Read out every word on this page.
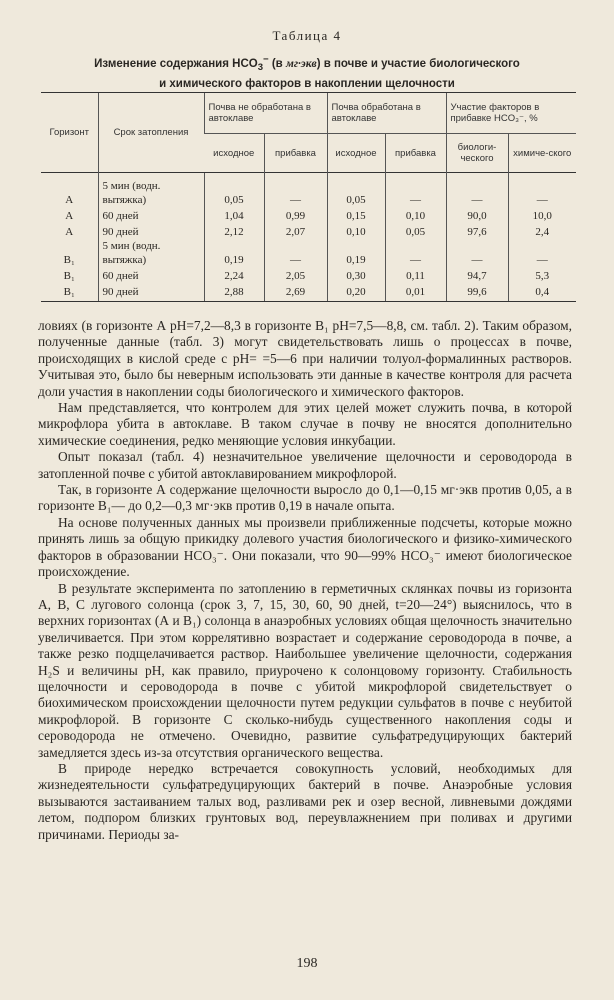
Таблица 4
Изменение содержания $HCO_3^-$ (в мг·экв) в почве и участие биологического
и химического факторов в накоплении щелочности
Горизонт	Срок затопления	Почва не обработана в автоклаве		Почва обработана в автоклаве		Участие факторов в прибавке HCO₃⁻, %	
		исходное	прибавка	исходное	прибавка	биологи-ческого	химиче-ского
A	5 мин (водн. вытяжка)	0,05	—	0,05	—	—	—
A	60 дней	1,04	0,99	0,15	0,10	90,0	10,0
A	90 дней	2,12	2,07	0,10	0,05	97,6	2,4
B₁	5 мин (водн. вытяжка)	0,19	—	0,19	—	—	—
B₁	60 дней	2,24	2,05	0,30	0,11	94,7	5,3
B₁	90 дней	2,88	2,69	0,20	0,01	99,6	0,4

ловиях (в горизонте А pH=7,2—8,3 в горизонте B₁ pH=7,5—8,8, см. табл. 2). Таким образом, полученные данные (табл. 3) могут свидетельствовать лишь о процессах в почве, происходящих в кислой среде с pH= =5—6 при наличии толуол-формалинных растворов. Учитывая это, было бы неверным использовать эти данные в качестве контроля для расчета доли участия в накоплении соды биологического и химического факторов.

Нам представляется, что контролем для этих целей может служить почва, в которой микрофлора убита в автоклаве. В таком случае в почву не вносятся дополнительно химические соединения, редко меняющие условия инкубации.

Опыт показал (табл. 4) незначительное увеличение щелочности и сероводорода в затопленной почве с убитой автоклавированием микрофлорой.

Так, в горизонте А содержание щелочности выросло до 0,1—0,15 мг·экв против 0,05, а в горизонте B₁— до 0,2—0,3 мг·экв против 0,19 в начале опыта.

На основе полученных данных мы произвели приближенные подсчеты, которые можно принять лишь за общую прикидку долевого участия биологического и физико-химического факторов в образовании HCO₃⁻. Они показали, что 90—99% HCO₃⁻ имеют биологическое происхождение.

В результате эксперимента по затоплению в герметичных склянках почвы из горизонта А, В, С лугового солонца (срок 3, 7, 15, 30, 60, 90 дней, t=20—24°) выяснилось, что в верхних горизонтах (А и B₁) солонца в анаэробных условиях общая щелочность значительно увеличивается. При этом коррелятивно возрастает и содержание сероводорода в почве, а также резко подщелачивается раствор. Наибольшее увеличение щелочности, содержания H₂S и величины pH, как правило, приурочено к солонцовому горизонту. Стабильность щелочности и сероводорода в почве с убитой микрофлорой свидетельствует о биохимическом происхождении щелочности путем редукции сульфатов в почве с неубитой микрофлорой. В горизонте С сколько-нибудь существенного накопления соды и сероводорода не отмечено. Очевидно, развитие сульфатредуцирующих бактерий замедляется здесь из-за отсутствия органического вещества.

В природе нередко встречается совокупность условий, необходимых для жизнедеятельности сульфатредуцирующих бактерий в почве. Анаэробные условия вызываются застаиванием талых вод, разливами рек и озер весной, ливневыми дождями летом, подпором близких грунтовых вод, переувлажнением при поливах и другими причинами. Периоды за-

198
